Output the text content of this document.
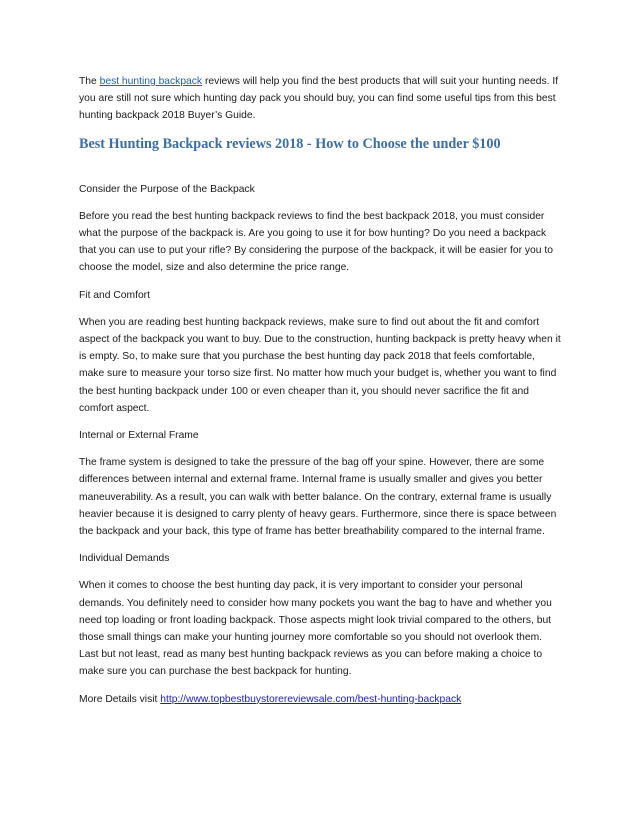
The best hunting backpack reviews will help you find the best products that will suit your hunting needs. If you are still not sure which hunting day pack you should buy, you can find some useful tips from this best hunting backpack 2018 Buyer’s Guide.

Best Hunting Backpack reviews 2018 - How to Choose the under $100

Consider the Purpose of the Backpack

Before you read the best hunting backpack reviews to find the best backpack 2018, you must consider what the purpose of the backpack is. Are you going to use it for bow hunting? Do you need a backpack that you can use to put your rifle? By considering the purpose of the backpack, it will be easier for you to choose the model, size and also determine the price range.

Fit and Comfort

When you are reading best hunting backpack reviews, make sure to find out about the fit and comfort aspect of the backpack you want to buy. Due to the construction, hunting backpack is pretty heavy when it is empty. So, to make sure that you purchase the best hunting day pack 2018 that feels comfortable, make sure to measure your torso size first. No matter how much your budget is, whether you want to find the best hunting backpack under 100 or even cheaper than it, you should never sacrifice the fit and comfort aspect.

Internal or External Frame

The frame system is designed to take the pressure of the bag off your spine. However, there are some differences between internal and external frame. Internal frame is usually smaller and gives you better maneuverability. As a result, you can walk with better balance. On the contrary, external frame is usually heavier because it is designed to carry plenty of heavy gears. Furthermore, since there is space between the backpack and your back, this type of frame has better breathability compared to the internal frame.

Individual Demands

When it comes to choose the best hunting day pack, it is very important to consider your personal demands. You definitely need to consider how many pockets you want the bag to have and whether you need top loading or front loading backpack. Those aspects might look trivial compared to the others, but those small things can make your hunting journey more comfortable so you should not overlook them. Last but not least, read as many best hunting backpack reviews as you can before making a choice to make sure you can purchase the best backpack for hunting.

More Details visit http://www.topbestbuystorereviewsale.com/best-hunting-backpack
